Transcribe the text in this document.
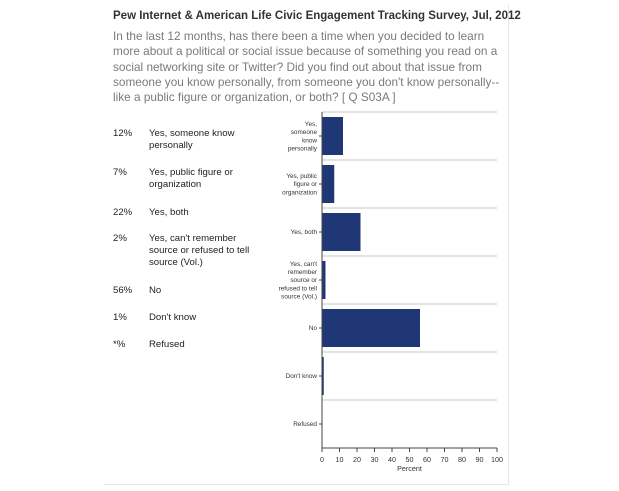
Pew Internet & American Life Civic Engagement Tracking Survey, Jul, 2012
In the last 12 months, has there been a time when you decided to learn more about a political or social issue because of something you read on a social networking site or Twitter? Did you find out about that issue from someone you know personally, from someone you don't know personally--like a public figure or organization, or both? [ Q S03A ]
12%	Yes, someone know personally
7%	Yes, public figure or organization
22%	Yes, both
2%	Yes, can't remember source or refused to tell source (Vol.)
56%	No
1%	Don't know
*%	Refused
Yes,
someone
know
personally
Yes, public
figure or
organization
Yes, both
Yes, can't
remember
source or
refused to tell
source (Vol.)
No
Don't know
Refused
0 10 20 30 40 50 60 70 80 90 100
Percent
